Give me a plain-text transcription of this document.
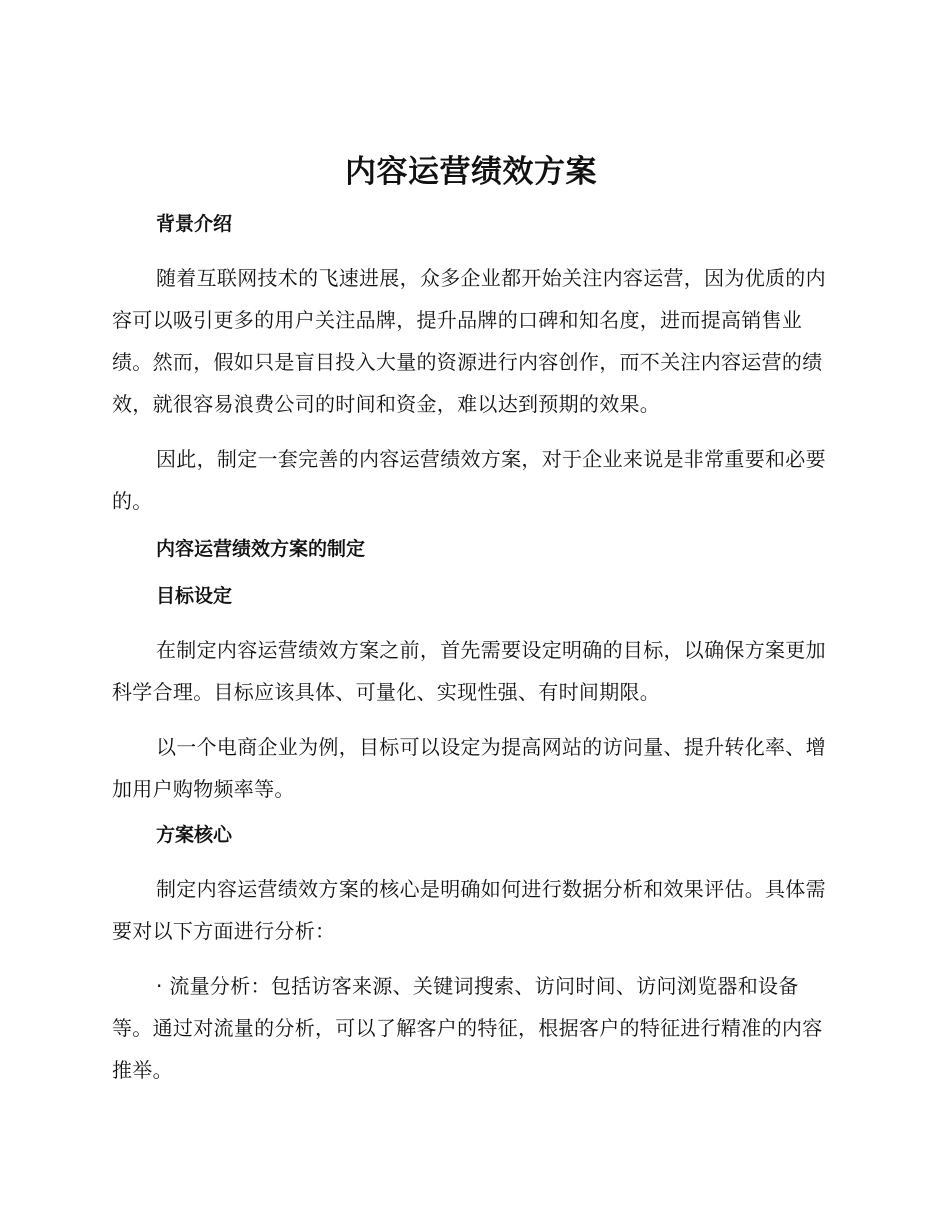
内容运营绩效方案
背景介绍

随着互联网技术的飞速进展，众多企业都开始关注内容运营，因为优质的内容可以吸引更多的用户关注品牌，提升品牌的口碑和知名度，进而提高销售业绩。然而，假如只是盲目投入大量的资源进行内容创作，而不关注内容运营的绩效，就很容易浪费公司的时间和资金，难以达到预期的效果。

因此，制定一套完善的内容运营绩效方案，对于企业来说是非常重要和必要的。

内容运营绩效方案的制定
目标设定

在制定内容运营绩效方案之前，首先需要设定明确的目标，以确保方案更加科学合理。目标应该具体、可量化、实现性强、有时间期限。

以一个电商企业为例，目标可以设定为提高网站的访问量、提升转化率、增加用户购物频率等。

方案核心

制定内容运营绩效方案的核心是明确如何进行数据分析和效果评估。具体需要对以下方面进行分析：

· 流量分析：包括访客来源、关键词搜索、访问时间、访问浏览器和设备等。通过对流量的分析，可以了解客户的特征，根据客户的特征进行精准的内容推举。
